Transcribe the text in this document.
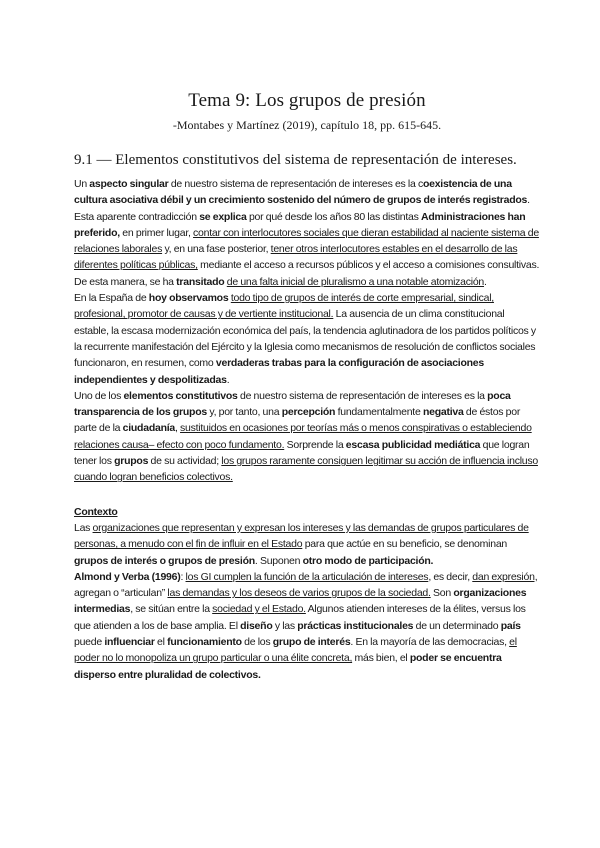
Tema 9: Los grupos de presión
-Montabes y Martínez (2019), capítulo 18, pp. 615-645.
9.1 — Elementos constitutivos del sistema de representación de intereses.

Un aspecto singular de nuestro sistema de representación de intereses es la coexistencia de una cultura asociativa débil y un crecimiento sostenido del número de grupos de interés registrados. Esta aparente contradicción se explica por qué desde los años 80 las distintas Administraciones han preferido, en primer lugar, contar con interlocutores sociales que dieran estabilidad al naciente sistema de relaciones laborales y, en una fase posterior, tener otros interlocutores estables en el desarrollo de las diferentes políticas públicas, mediante el acceso a recursos públicos y el acceso a comisiones consultivas. De esta manera, se ha transitado de una falta inicial de pluralismo a una notable atomización.

En la España de hoy observamos todo tipo de grupos de interés de corte empresarial, sindical, profesional, promotor de causas y de vertiente institucional. La ausencia de un clima constitucional estable, la escasa modernización económica del país, la tendencia aglutinadora de los partidos políticos y la recurrente manifestación del Ejército y la Iglesia como mecanismos de resolución de conflictos sociales funcionaron, en resumen, como verdaderas trabas para la configuración de asociaciones independientes y despolitizadas.

Uno de los elementos constitutivos de nuestro sistema de representación de intereses es la poca transparencia de los grupos y, por tanto, una percepción fundamentalmente negativa de éstos por parte de la ciudadanía, sustituidos en ocasiones por teorías más o menos conspirativas o estableciendo relaciones causa– efecto con poco fundamento. Sorprende la escasa publicidad mediática que logran tener los grupos de su actividad; los grupos raramente consiguen legitimar su acción de influencia incluso cuando logran beneficios colectivos.

Contexto

Las organizaciones que representan y expresan los intereses y las demandas de grupos particulares de personas, a menudo con el fin de influir en el Estado para que actúe en su beneficio, se denominan grupos de interés o grupos de presión. Suponen otro modo de participación.

Almond y Verba (1996): los GI cumplen la función de la articulación de intereses, es decir, dan expresión, agregan o “articulan” las demandas y los deseos de varios grupos de la sociedad. Son organizaciones intermedias, se sitúan entre la sociedad y el Estado. Algunos atienden intereses de la élites, versus los que atienden a los de base amplia. El diseño y las prácticas institucionales de un determinado país puede influenciar el funcionamiento de los grupo de interés. En la mayoría de las democracias, el poder no lo monopoliza un grupo particular o una élite concreta, más bien, el poder se encuentra disperso entre pluralidad de colectivos.
